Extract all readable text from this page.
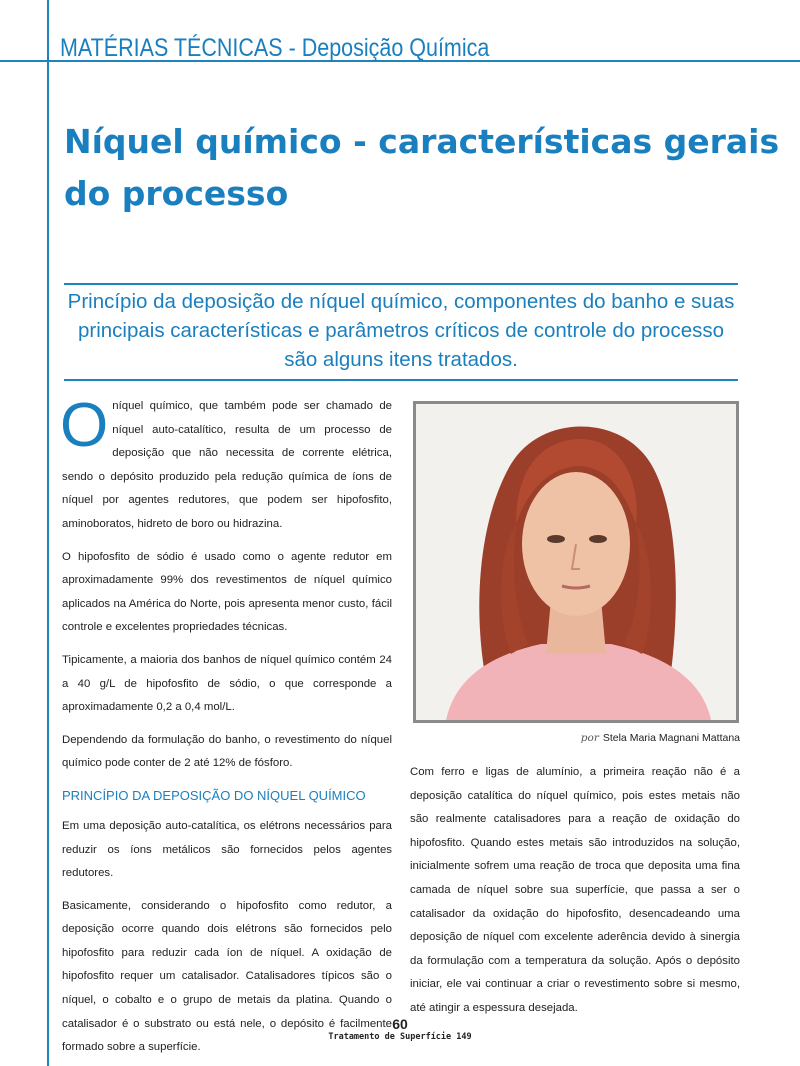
MATÉRIAS TÉCNICAS - Deposição Química
Níquel químico - características gerais do processo
Princípio da deposição de níquel químico, componentes do banho e suas principais características e parâmetros críticos de controle do processo são alguns itens tratados.

Oníquel químico, que também pode ser chamado de níquel auto-catalítico, resulta de um processo de deposição que não necessita de corrente elétrica, sendo o depósito produzido pela redução química de íons de níquel por agentes redutores, que podem ser hipofosfito, aminoboratos, hidreto de boro ou hidrazina.

O hipofosfito de sódio é usado como o agente redutor em aproximadamente 99% dos revestimentos de níquel químico aplicados na América do Norte, pois apresenta menor custo, fácil controle e excelentes propriedades técnicas.

Tipicamente, a maioria dos banhos de níquel químico contém 24 a 40 g/L de hipofosfito de sódio, o que corresponde a aproximadamente 0,2 a 0,4 mol/L.

Dependendo da formulação do banho, o revestimento do níquel químico pode conter de 2 até 12% de fósforo.

PRINCÍPIO DA DEPOSIÇÃO DO NÍQUEL QUÍMICO

Em uma deposição auto-catalítica, os elétrons necessários para reduzir os íons metálicos são fornecidos pelos agentes redutores.

Basicamente, considerando o hipofosfito como redutor, a deposição ocorre quando dois elétrons são fornecidos pelo hipofosfito para reduzir cada íon de níquel. A oxidação de hipofosfito requer um catalisador. Catalisadores típicos são o níquel, o cobalto e o grupo de metais da platina. Quando o catalisador é o substrato ou está nele, o depósito é facilmente formado sobre a superfície.

por Stela Maria Magnani Mattana

Com ferro e ligas de alumínio, a primeira reação não é a deposição catalítica do níquel químico, pois estes metais não são realmente catalisadores para a reação de oxidação do hipofosfito. Quando estes metais são introduzidos na solução, inicialmente sofrem uma reação de troca que deposita uma fina camada de níquel sobre sua superfície, que passa a ser o catalisador da oxidação do hipofosfito, desencadeando uma deposição de níquel com excelente aderência devido à sinergia da formulação com a temperatura da solução. Após o depósito iniciar, ele vai continuar a criar o revestimento sobre si mesmo, até atingir a espessura desejada.

60
Tratamento de Superfície 149
